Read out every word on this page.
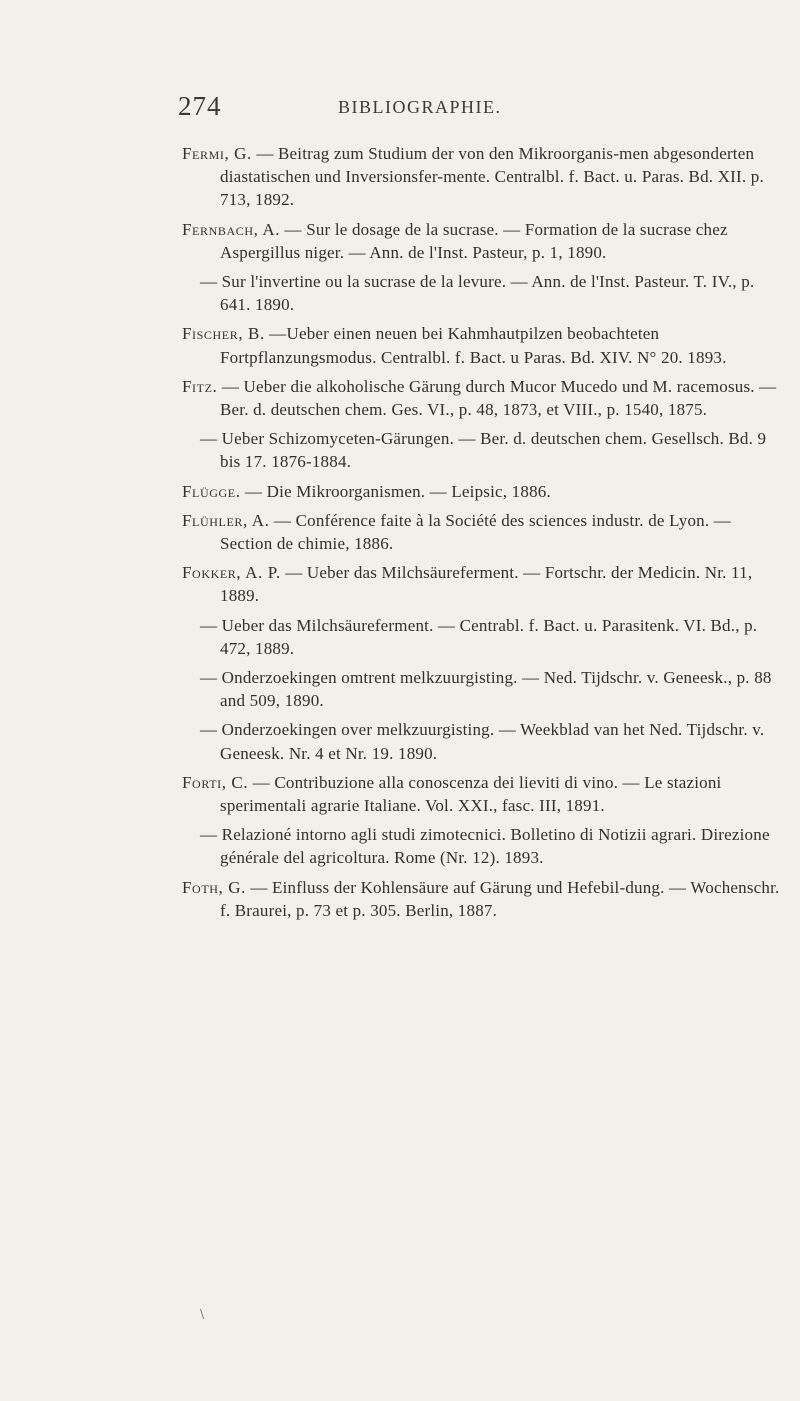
274	BIBLIOGRAPHIE.
Fermi, G. — Beitrag zum Studium der von den Mikroorganis-men abgesonderten diastatischen und Inversionsfer-mente. Centralbl. f. Bact. u. Paras. Bd. XII. p. 713, 1892.
Fernbach, A. — Sur le dosage de la sucrase. — Formation de la sucrase chez Aspergillus niger. — Ann. de l'Inst. Pasteur, p. 1, 1890.
— Sur l'invertine ou la sucrase de la levure. — Ann. de l'Inst. Pasteur. T. IV., p. 641. 1890.
Fischer, B. —Ueber einen neuen bei Kahmhautpilzen beobachteten Fortpflanzungsmodus. Centralbl. f. Bact. u Paras. Bd. XIV. N° 20. 1893.
Fitz. — Ueber die alkoholische Gärung durch Mucor Mucedo und M. racemosus. — Ber. d. deutschen chem. Ges. VI., p. 48, 1873, et VIII., p. 1540, 1875.
— Ueber Schizomyceten-Gärungen. — Ber. d. deutschen chem. Gesellsch. Bd. 9 bis 17. 1876-1884.
Flügge. — Die Mikroorganismen. — Leipsic, 1886.
Flühler, A. — Conférence faite à la Société des sciences industr. de Lyon. — Section de chimie, 1886.
Fokker, A. P. — Ueber das Milchsäureferment. — Fortschr. der Medicin. Nr. 11, 1889.
— Ueber das Milchsäureferment. — Centrabl. f. Bact. u. Parasitenk. VI. Bd., p. 472, 1889.
— Onderzoekingen omtrent melkzuurgisting. — Ned. Tijdschr. v. Geneesk., p. 88 and 509, 1890.
— Onderzoekingen over melkzuurgisting. — Weekblad van het Ned. Tijdschr. v. Geneesk. Nr. 4 et Nr. 19. 1890.
Forti, C. — Contribuzione alla conoscenza dei lieviti di vino. — Le stazioni sperimentali agrarie Italiane. Vol. XXI., fasc. III, 1891.
— Relazioné intorno agli studi zimotecnici. Bolletino di Notizii agrari. Direzione générale del agricoltura. Rome (Nr. 12). 1893.
Foth, G. — Einfluss der Kohlensäure auf Gärung und Hefebil-dung. — Wochenschr. f. Braurei, p. 73 et p. 305. Berlin, 1887.
\
